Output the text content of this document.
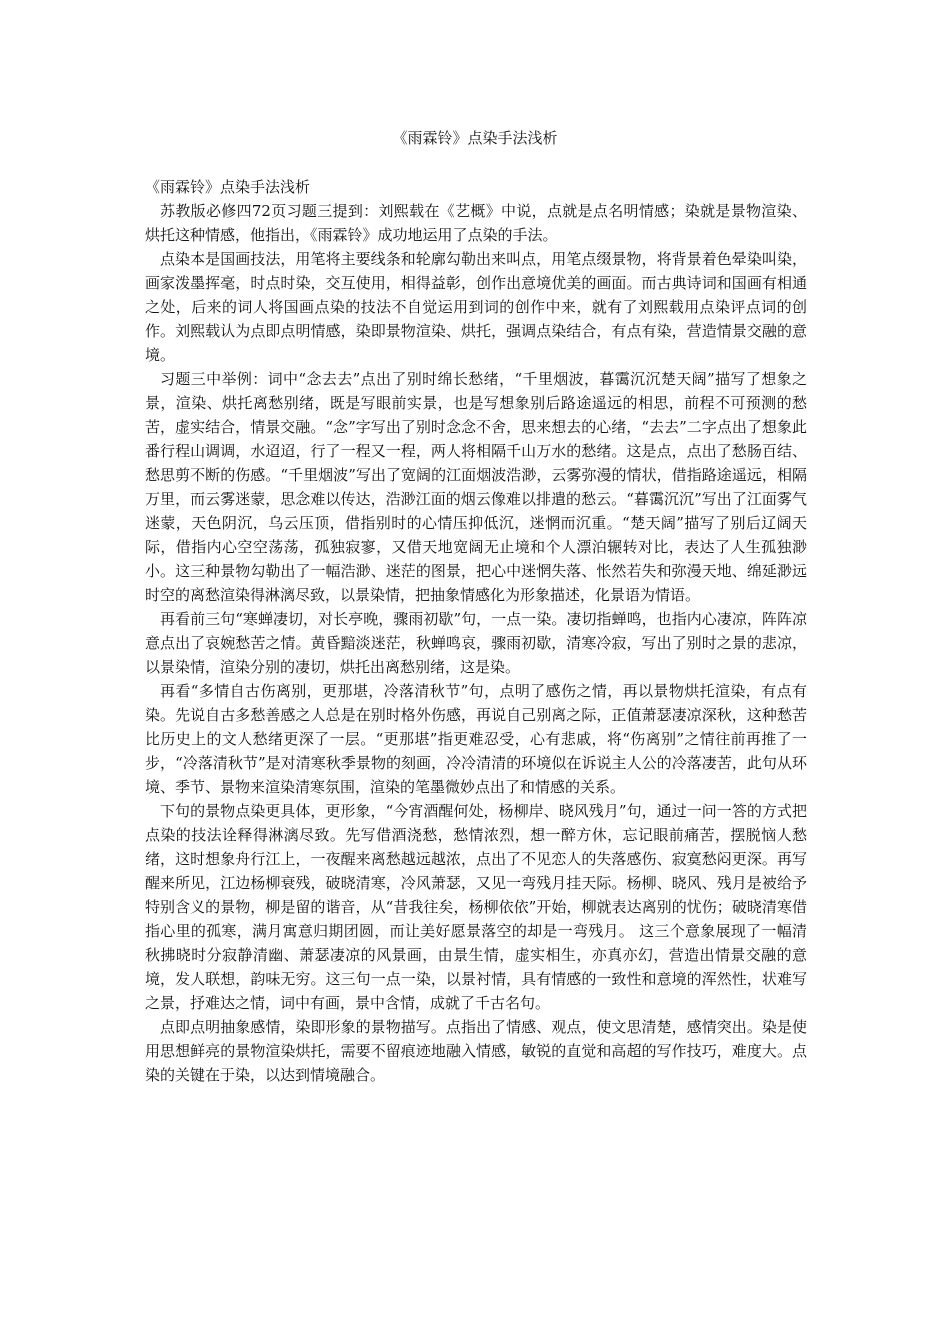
《雨霖铃》点染手法浅析

《雨霖铃》点染手法浅析

苏教版必修四72页习题三提到：刘熙载在《艺概》中说，点就是点名明情感；染就是景物渲染、烘托这种情感，他指出，《雨霖铃》成功地运用了点染的手法。

点染本是国画技法，用笔将主要线条和轮廓勾勒出来叫点，用笔点缀景物，将背景着色晕染叫染，画家泼墨挥毫，时点时染，交互使用，相得益彰，创作出意境优美的画面。而古典诗词和国画有相通之处，后来的词人将国画点染的技法不自觉运用到词的创作中来，就有了刘熙载用点染评点词的创作。刘熙载认为点即点明情感，染即景物渲染、烘托，强调点染结合，有点有染，营造情景交融的意境。

习题三中举例：词中“念去去”点出了别时绵长愁绪，“千里烟波，暮霭沉沉楚天阔”描写了想象之景，渲染、烘托离愁别绪，既是写眼前实景，也是写想象别后路途遥远的相思，前程不可预测的愁苦，虚实结合，情景交融。“念”字写出了别时念念不舍，思来想去的心绪，“去去”二字点出了想象此番行程山调调，水迢迢，行了一程又一程，两人将相隔千山万水的愁绪。这是点，点出了愁肠百结、愁思剪不断的伤感。“千里烟波”写出了宽阔的江面烟波浩渺，云雾弥漫的情状，借指路途遥远，相隔万里，而云雾迷蒙，思念难以传达，浩渺江面的烟云像难以排遣的愁云。“暮霭沉沉”写出了江面雾气迷蒙，天色阴沉，乌云压顶，借指别时的心情压抑低沉，迷惘而沉重。“楚天阔”描写了别后辽阔天际，借指内心空空荡荡，孤独寂寥，又借天地宽阔无止境和个人漂泊辗转对比，表达了人生孤独渺小。这三种景物勾勒出了一幅浩渺、迷茫的图景，把心中迷惘失落、怅然若失和弥漫天地、绵延渺远时空的离愁渲染得淋漓尽致，以景染情，把抽象情感化为形象描述，化景语为情语。

再看前三句“寒蝉凄切，对长亭晚，骤雨初歇”句，一点一染。凄切指蝉鸣，也指内心凄凉，阵阵凉意点出了哀婉愁苦之情。黄昏黯淡迷茫，秋蝉鸣哀，骤雨初歇，清寒冷寂，写出了别时之景的悲凉，以景染情，渲染分别的凄切，烘托出离愁别绪，这是染。

再看“多情自古伤离别，更那堪，冷落清秋节”句，点明了感伤之情，再以景物烘托渲染，有点有染。先说自古多愁善感之人总是在别时格外伤感，再说自己别离之际，正值萧瑟凄凉深秋，这种愁苦比历史上的文人愁绪更深了一层。“更那堪”指更难忍受，心有悲戚，将“伤离别”之情往前再推了一步，“冷落清秋节”是对清寒秋季景物的刻画，冷冷清清的环境似在诉说主人公的冷落凄苦，此句从环境、季节、景物来渲染清寒氛围，渲染的笔墨微妙点出了和情感的关系。

下句的景物点染更具体，更形象，“今宵酒醒何处，杨柳岸、晓风残月”句，通过一问一答的方式把点染的技法诠释得淋漓尽致。先写借酒浇愁，愁情浓烈，想一醉方休，忘记眼前痛苦，摆脱恼人愁绪，这时想象舟行江上，一夜醒来离愁越远越浓，点出了不见恋人的失落感伤、寂寞愁闷更深。再写醒来所见，江边杨柳衰残，破晓清寒，冷风萧瑟，又见一弯残月挂天际。杨柳、晓风、残月是被给予特别含义的景物，柳是留的谐音，从“昔我往矣，杨柳依依”开始，柳就表达离别的忧伤；破晓清寒借指心里的孤寒，满月寓意归期团圆，而让美好愿景落空的却是一弯残月。 这三个意象展现了一幅清秋拂晓时分寂静清幽、萧瑟凄凉的风景画，由景生情，虚实相生，亦真亦幻，营造出情景交融的意境，发人联想，韵味无穷。这三句一点一染，以景衬情，具有情感的一致性和意境的浑然性，状难写之景，抒难达之情，词中有画，景中含情，成就了千古名句。

点即点明抽象感情，染即形象的景物描写。点指出了情感、观点，使文思清楚，感情突出。染是使用思想鲜亮的景物渲染烘托，需要不留痕迹地融入情感，敏锐的直觉和高超的写作技巧，难度大。点染的关键在于染，以达到情境融合。
